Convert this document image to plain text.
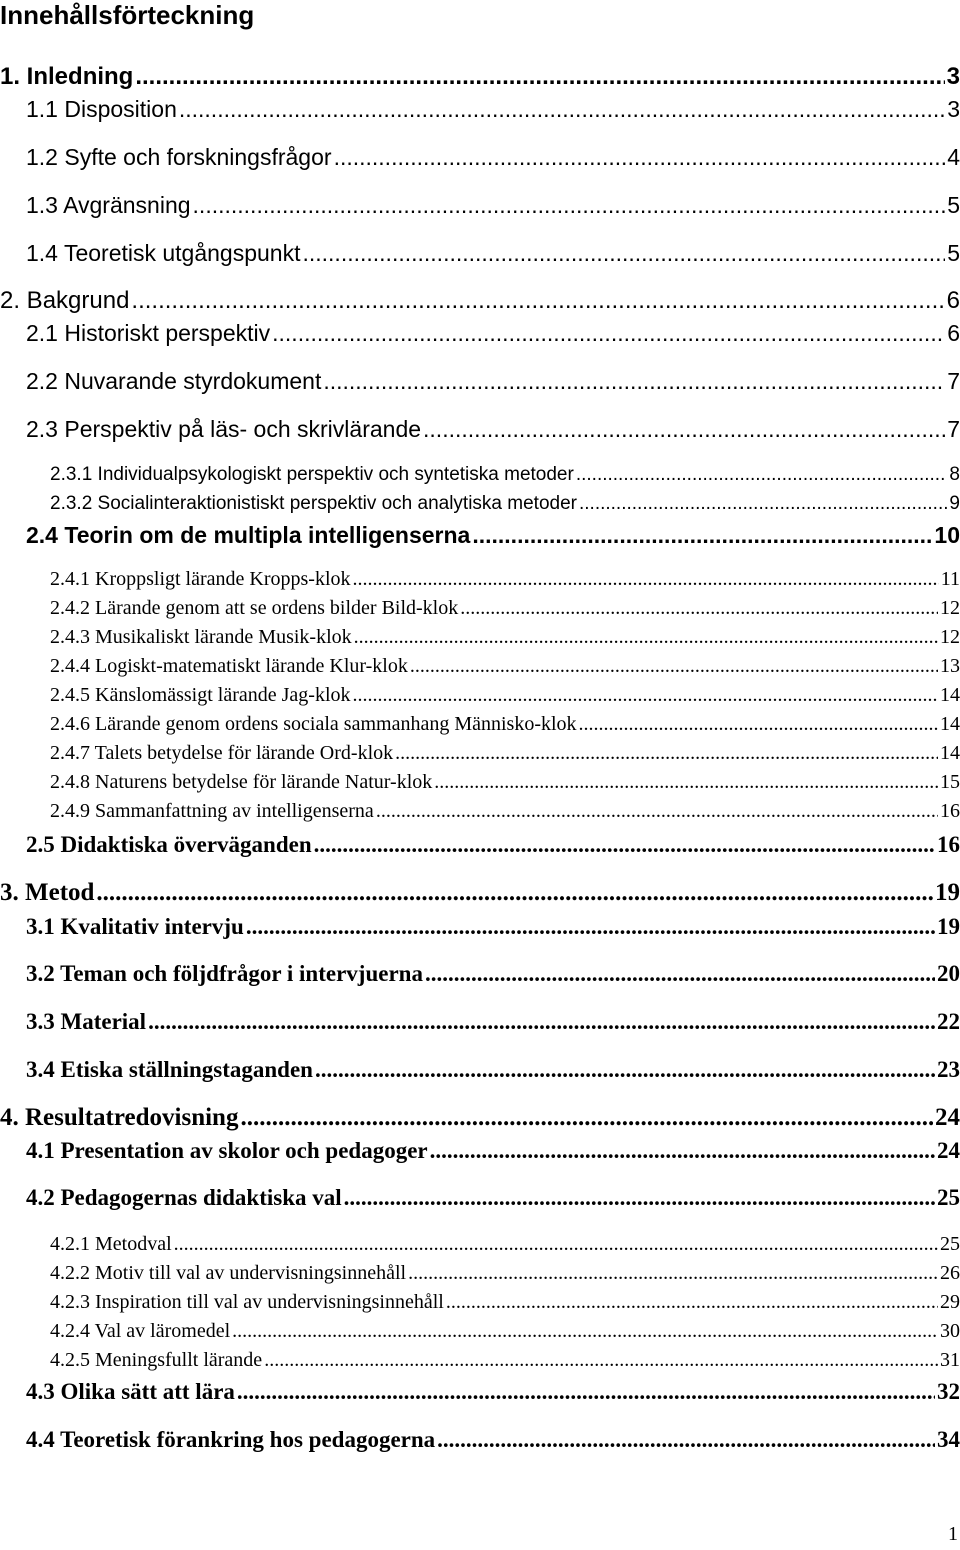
Innehållsförteckning
1. Inledning .....	3
1.1 Disposition .....	3
1.2 Syfte och forskningsfrågor .....	4
1.3 Avgränsning .....	5
1.4 Teoretisk utgångspunkt .....	5
2. Bakgrund .....	6
2.1 Historiskt perspektiv .....	6
2.2 Nuvarande styrdokument .....	7
2.3 Perspektiv på läs- och skrivlärande .....	7
2.3.1 Individualpsykologiskt perspektiv och syntetiska metoder .....	8
2.3.2 Socialinteraktionistiskt perspektiv och analytiska metoder .....	9
2.4 Teorin om de multipla intelligenserna .....	10
2.4.1 Kroppsligt lärande Kropps-klok .....	11
2.4.2 Lärande genom att se ordens bilder Bild-klok .....	12
2.4.3 Musikaliskt lärande Musik-klok .....	12
2.4.4 Logiskt-matematiskt lärande Klur-klok .....	13
2.4.5 Känslomässigt lärande Jag-klok .....	14
2.4.6 Lärande genom ordens sociala sammanhang Människo-klok .....	14
2.4.7 Talets betydelse för lärande Ord-klok .....	14
2.4.8 Naturens betydelse för lärande Natur-klok .....	15
2.4.9 Sammanfattning av intelligenserna .....	16
2.5 Didaktiska överväganden .....	16
3. Metod .....	19
3.1 Kvalitativ intervju .....	19
3.2 Teman och följdfrågor i intervjuerna .....	20
3.3 Material .....	22
3.4 Etiska ställningstaganden .....	23
4. Resultatredovisning .....	24
4.1 Presentation av skolor och pedagoger .....	24
4.2 Pedagogernas didaktiska val .....	25
4.2.1 Metodval .....	25
4.2.2 Motiv till val av undervisningsinnehåll .....	26
4.2.3 Inspiration till val av undervisningsinnehåll .....	29
4.2.4 Val av läromedel .....	30
4.2.5 Meningsfullt lärande .....	31
4.3 Olika sätt att lära .....	32
4.4 Teoretisk förankring hos pedagogerna .....	34
1
